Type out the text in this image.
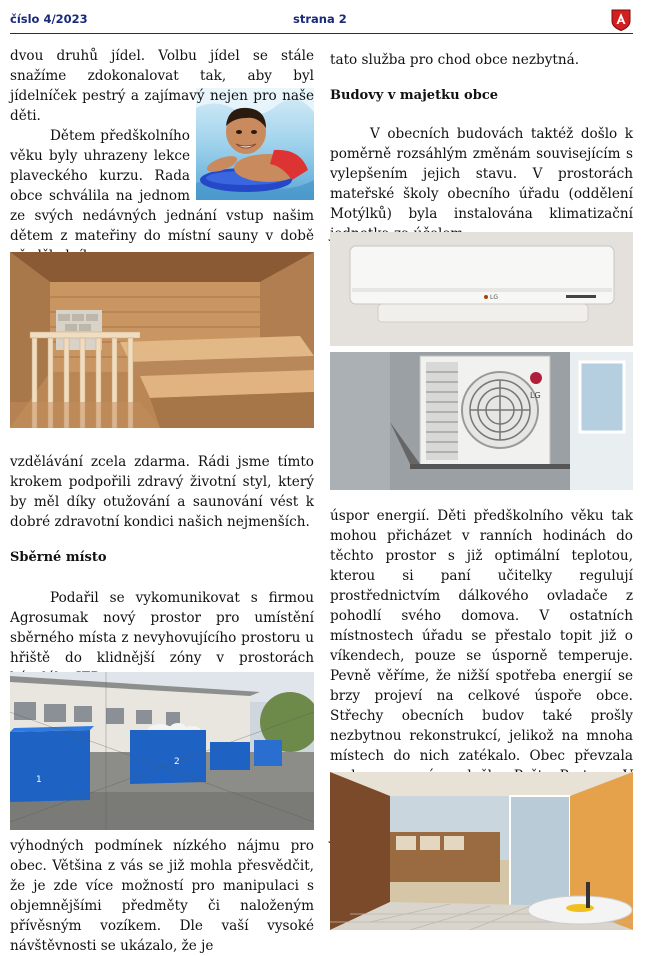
číslo 4/2023	strana 2

dvou druhů jídel. Volbu jídel se stále snažíme zdokonalovat tak, aby byl jídelníček pestrý a zajímavý nejen pro naše děti.

Dětem předškolního věku byly uhrazeny lekce plaveckého kurzu. Rada obce schválila na jednom ze svých nedávných jednání vstup našim dětem z mateřiny do místní sauny v době

vzdělávání zcela zdarma. Rádi jsme tímto krokem podpořili zdravý životní styl, který by měl díky otužování a saunování vést k dobré zdravotní kondici našich nejmenších.

Sběrné místo

Podařil se vykomunikovat s firmou Agrosumak nový prostor pro umístění sběrného místa z nevyhovujícího prostoru u hřiště do klidnější zóny v prostorách

1
2

výhodných podmínek nízkého nájmu pro obec. Většina z vás se již mohla přesvědčit, že je zde více možností pro manipulaci s objemnějšími předměty či naloženým přívěsným vozíkem. Dle vaší vysoké návštěvnosti se ukázalo, že je

tato služba pro chod obce nezbytná.

Budovy v majetku obce

V obecních budovách taktéž došlo k poměrně rozsáhlým změnám souvisejícím s vylepšením jejich stavu. V prostorách mateřské školy obecního úřadu (oddělení Motýlků) byla instalována klimatizační

LG
LG

úspor energií. Děti předškolního věku tak mohou přicházet v ranních hodinách do těchto prostor s již optimální teplotou, kterou si paní učitelky regulují prostřednictvím dálkového ovladače z pohodlí svého domova. V ostatních místnostech úřadu se přestalo topit již o víkendech, pouze se úsporně temperuje. Pevně věříme, že nižší spotřeba energií se brzy projeví na celkové úspoře obce. Střechy obecních budov také prošly nezbytnou rekonstrukcí, jelikož na mnoha místech do nich zatékalo. Obec převzala
